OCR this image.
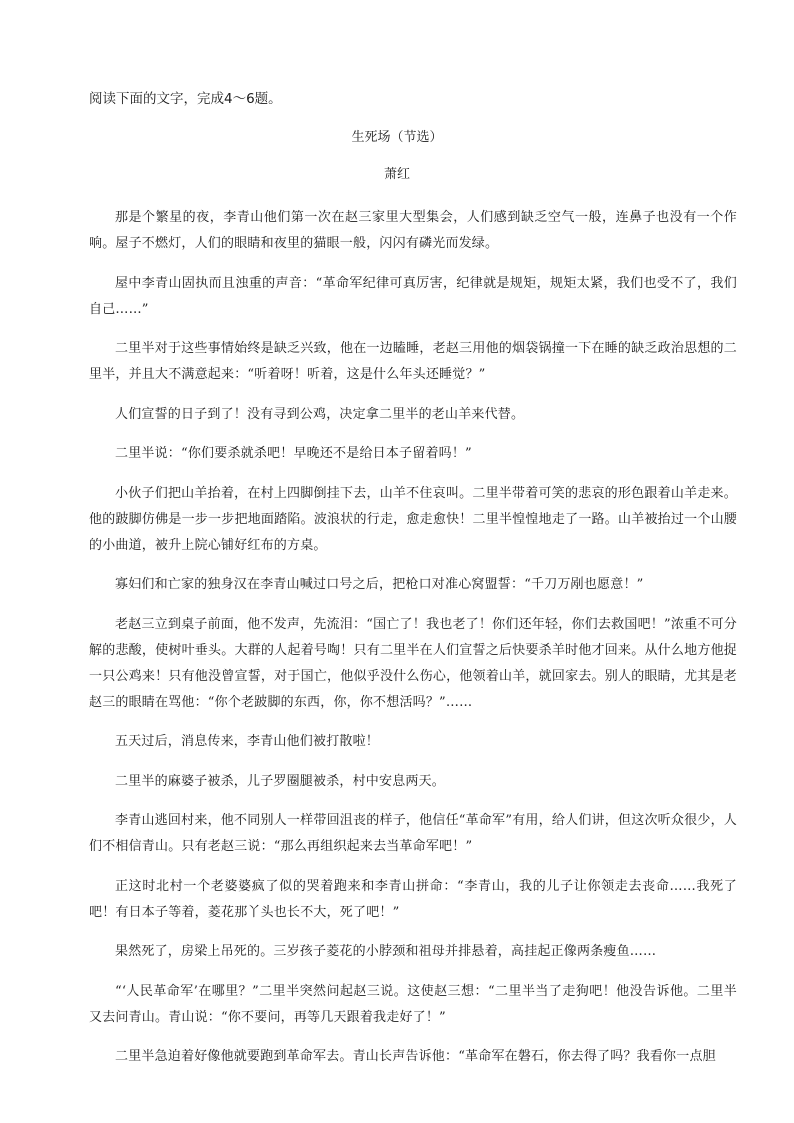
阅读下面的文字，完成4～6题。
生死场（节选）
萧红

那是个繁星的夜，李青山他们第一次在赵三家里大型集会，人们感到缺乏空气一般，连鼻子也没有一个作响。屋子不燃灯，人们的眼睛和夜里的猫眼一般，闪闪有磷光而发绿。

屋中李青山固执而且浊重的声音：“革命军纪律可真厉害，纪律就是规矩，规矩太紧，我们也受不了，我们自己……”

二里半对于这些事情始终是缺乏兴致，他在一边瞌睡，老赵三用他的烟袋锅撞一下在睡的缺乏政治思想的二里半，并且大不满意起来：“听着呀！听着，这是什么年头还睡觉？”

人们宣誓的日子到了！没有寻到公鸡，决定拿二里半的老山羊来代替。

二里半说：“你们要杀就杀吧！早晚还不是给日本子留着吗！”

小伙子们把山羊抬着，在村上四脚倒挂下去，山羊不住哀叫。二里半带着可笑的悲哀的形色跟着山羊走来。他的跛脚仿佛是一步一步把地面踏陷。波浪状的行走，愈走愈快！二里半惶惶地走了一路。山羊被抬过一个山腰的小曲道，被升上院心铺好红布的方桌。

寡妇们和亡家的独身汉在李青山喊过口号之后，把枪口对准心窝盟誓：“千刀万剐也愿意！”

老赵三立到桌子前面，他不发声，先流泪：“国亡了！我也老了！你们还年轻，你们去救国吧！”浓重不可分解的悲酸，使树叶垂头。大群的人起着号啕！只有二里半在人们宣誓之后快要杀羊时他才回来。从什么地方他捉一只公鸡来！只有他没曾宣誓，对于国亡，他似乎没什么伤心，他领着山羊，就回家去。别人的眼睛，尤其是老赵三的眼睛在骂他：“你个老跛脚的东西，你，你不想活吗？”……

五天过后，消息传来，李青山他们被打散啦！

二里半的麻婆子被杀，儿子罗圈腿被杀，村中安息两天。

李青山逃回村来，他不同别人一样带回沮丧的样子，他信任“革命军”有用，给人们讲，但这次听众很少，人们不相信青山。只有老赵三说：“那么再组织起来去当革命军吧！”

正这时北村一个老婆婆疯了似的哭着跑来和李青山拼命：“李青山，我的儿子让你领走去丧命……我死了吧！有日本子等着，菱花那丫头也长不大，死了吧！”

果然死了，房梁上吊死的。三岁孩子菱花的小脖颈和祖母并排悬着，高挂起正像两条瘦鱼……

“‘人民革命军’在哪里？”二里半突然问起赵三说。这使赵三想：“二里半当了走狗吧！他没告诉他。二里半又去问青山。青山说：“你不要问，再等几天跟着我走好了！”

二里半急迫着好像他就要跑到革命军去。青山长声告诉他：“革命军在磐石，你去得了吗？我看你一点胆
